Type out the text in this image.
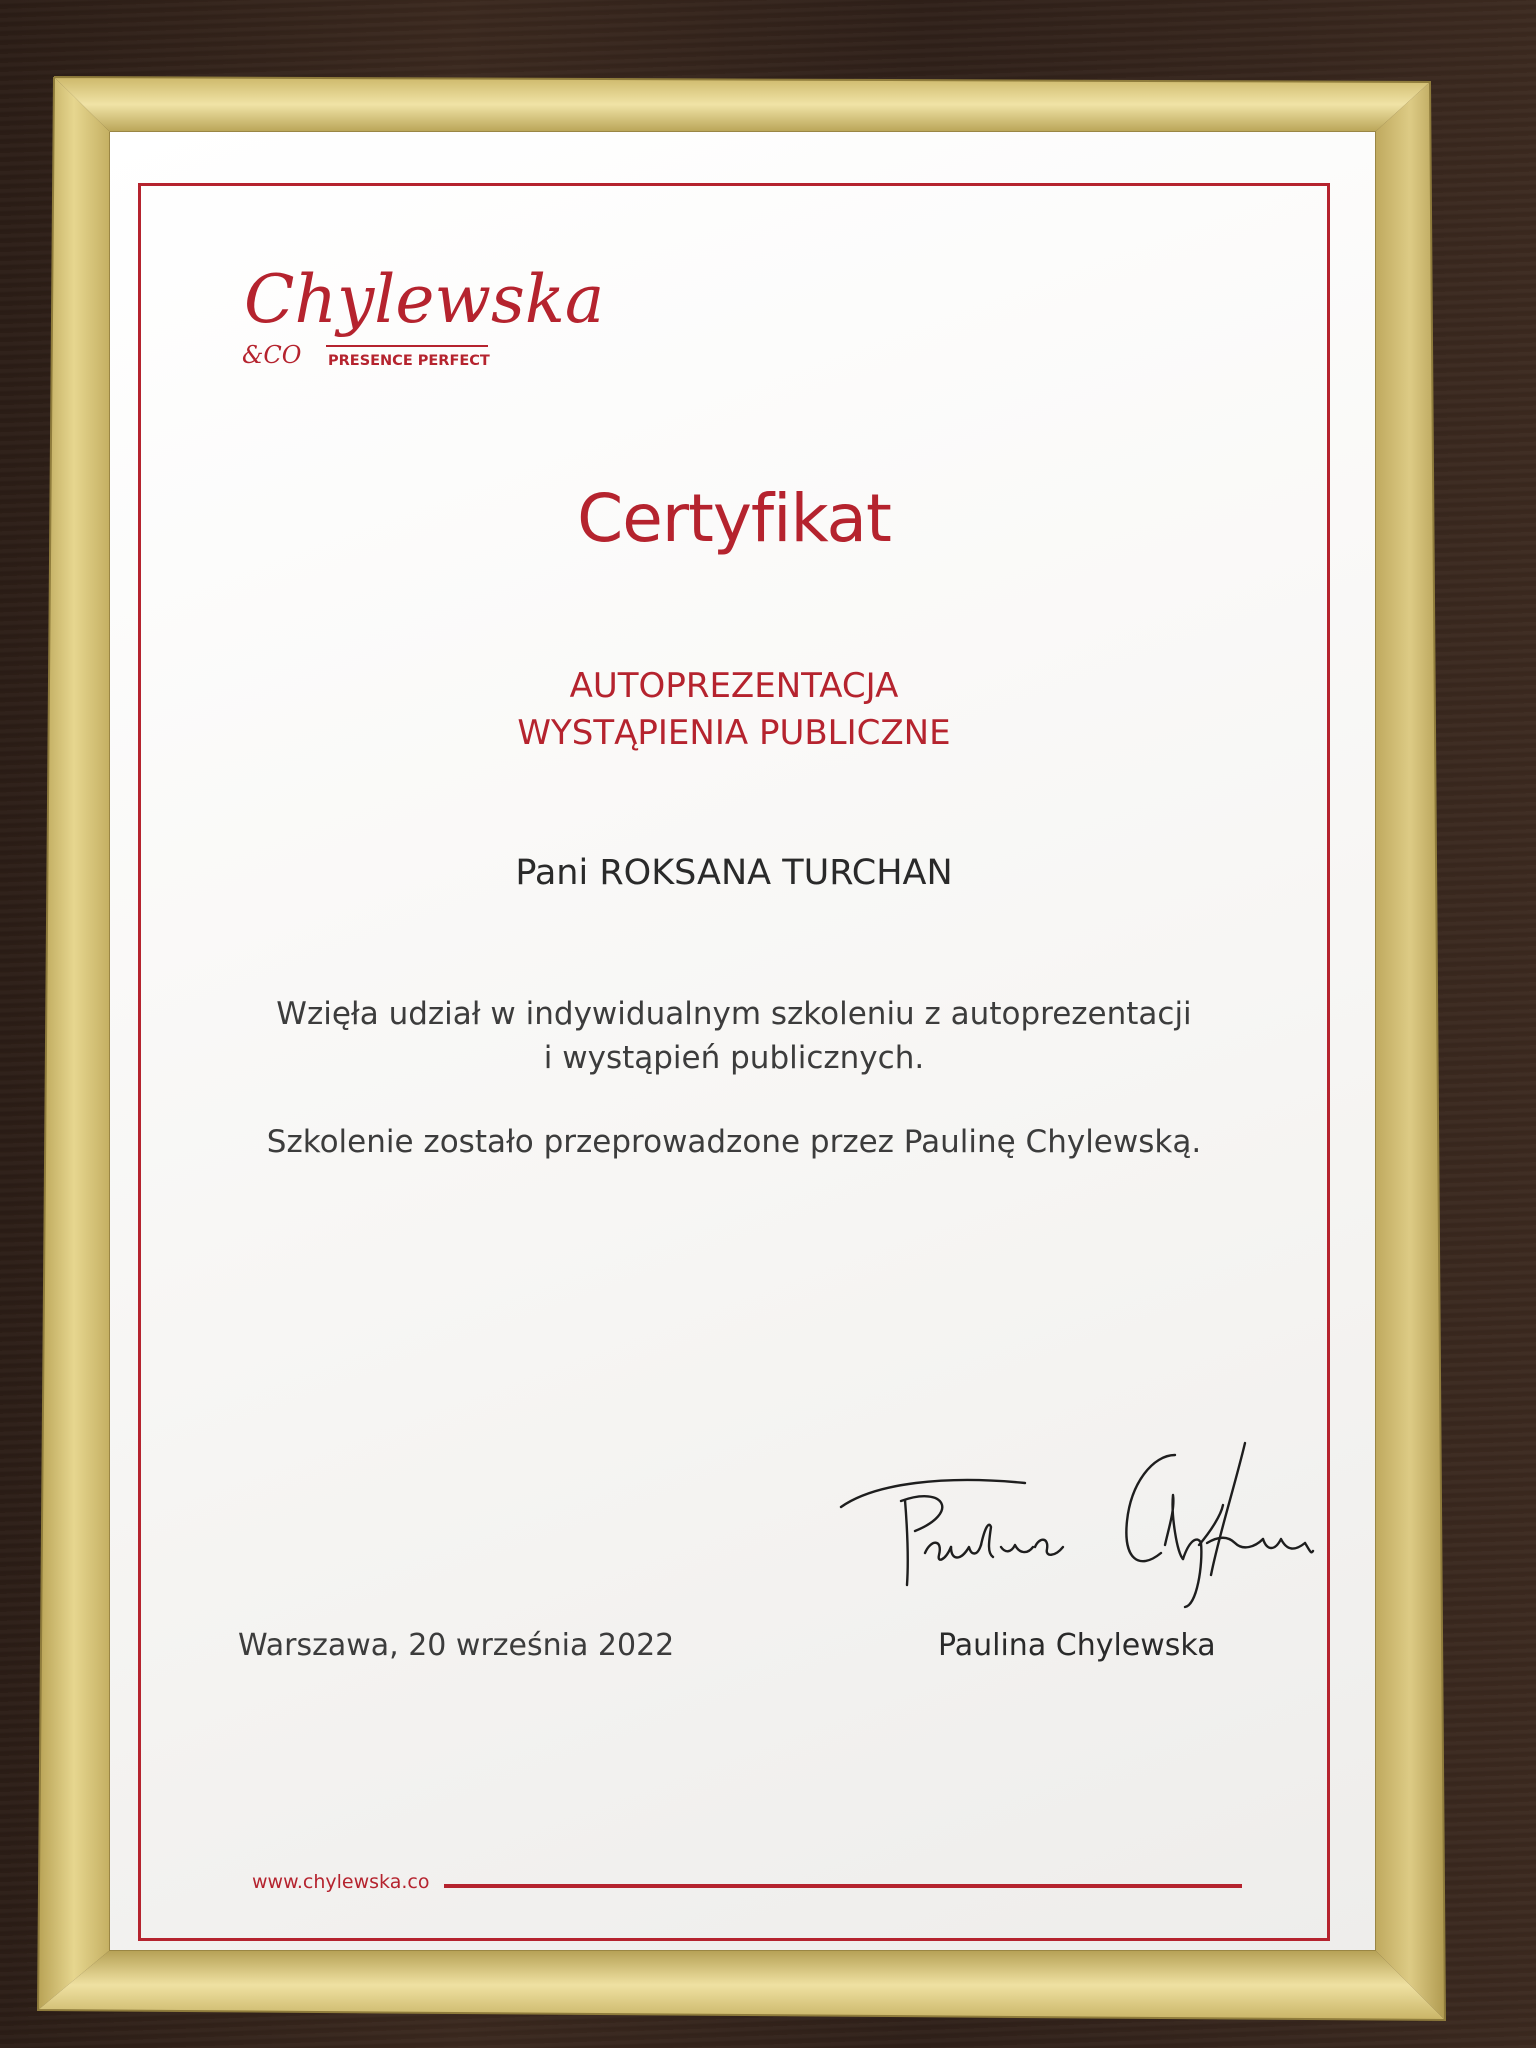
Chylewska
&CO PRESENCE PERFECT
Certyfikat
AUTOPREZENTACJA
WYSTĄPIENIA PUBLICZNE
Pani ROKSANA TURCHAN
Wzięła udział w indywidualnym szkoleniu z autoprezentacji
i wystąpień publicznych.
Szkolenie zostało przeprowadzone przez Paulinę Chylewską.
Paulina Chylewska
Warszawa, 20 września 2022	Paulina Chylewska
www.chylewska.co
